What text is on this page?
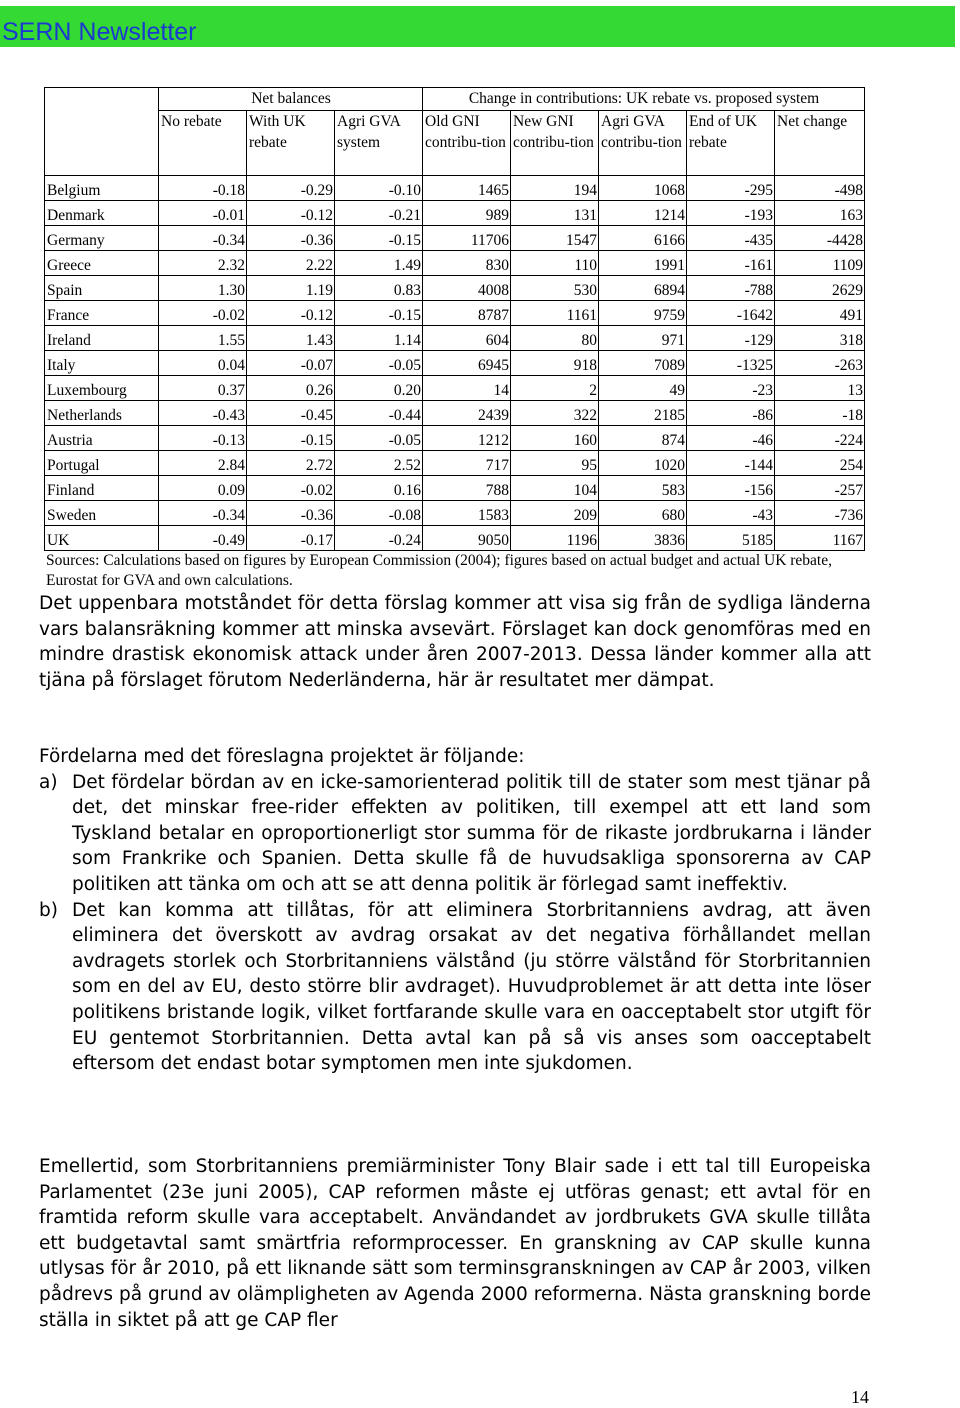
SERN Newsletter
	Net balances			Change in contributions: UK rebate vs. proposed system				
	No rebate	With UK rebate	Agri GVA system	Old GNI contribu-tion	New GNI contribu-tion	Agri GVA contribu-tion	End of UK rebate	Net change
Belgium	-0.18	-0.29	-0.10	1465	194	1068	-295	-498
Denmark	-0.01	-0.12	-0.21	989	131	1214	-193	163
Germany	-0.34	-0.36	-0.15	11706	1547	6166	-435	-4428
Greece	2.32	2.22	1.49	830	110	1991	-161	1109
Spain	1.30	1.19	0.83	4008	530	6894	-788	2629
France	-0.02	-0.12	-0.15	8787	1161	9759	-1642	491
Ireland	1.55	1.43	1.14	604	80	971	-129	318
Italy	0.04	-0.07	-0.05	6945	918	7089	-1325	-263
Luxembourg	0.37	0.26	0.20	14	2	49	-23	13
Netherlands	-0.43	-0.45	-0.44	2439	322	2185	-86	-18
Austria	-0.13	-0.15	-0.05	1212	160	874	-46	-224
Portugal	2.84	2.72	2.52	717	95	1020	-144	254
Finland	0.09	-0.02	0.16	788	104	583	-156	-257
Sweden	-0.34	-0.36	-0.08	1583	209	680	-43	-736
UK	-0.49	-0.17	-0.24	9050	1196	3836	5185	1167
Sources: Calculations based on figures by European Commission (2004); figures based on actual budget and actual UK rebate, Eurostat for GVA and own calculations.

Det uppenbara motståndet för detta förslag kommer att visa sig från de sydliga länderna vars balansräkning kommer att minska avsevärt. Förslaget kan dock genomföras med en mindre drastisk ekonomisk attack under åren 2007-2013. Dessa länder kommer alla att tjäna på förslaget förutom Nederländerna, här är resultatet mer dämpat.

Fördelarna med det föreslagna projektet är följande:

a) Det fördelar bördan av en icke-samorienterad politik till de stater som mest tjänar på det, det minskar free-rider effekten av politiken, till exempel att ett land som Tyskland betalar en oproportionerligt stor summa för de rikaste jordbrukarna i länder som Frankrike och Spanien. Detta skulle få de huvudsakliga sponsorerna av CAP politiken att tänka om och att se att denna politik är förlegad samt ineffektiv.
b) Det kan komma att tillåtas, för att eliminera Storbritanniens avdrag, att även eliminera det överskott av avdrag orsakat av det negativa förhållandet mellan avdragets storlek och Storbritanniens välstånd (ju större välstånd för Storbritannien som en del av EU, desto större blir avdraget). Huvudproblemet är att detta inte löser politikens bristande logik, vilket fortfarande skulle vara en oacceptabelt stor utgift för EU gentemot Storbritannien. Detta avtal kan på så vis anses som oacceptabelt eftersom det endast botar symptomen men inte sjukdomen.

Emellertid, som Storbritanniens premiärminister Tony Blair sade i ett tal till Europeiska Parlamentet (23e juni 2005), CAP reformen måste ej utföras genast; ett avtal för en framtida reform skulle vara acceptabelt. Användandet av jordbrukets GVA skulle tillåta ett budgetavtal samt smärtfria reformprocesser. En granskning av CAP skulle kunna utlysas för år 2010, på ett liknande sätt som terminsgranskningen av CAP år 2003, vilken pådrevs på grund av olämpligheten av Agenda 2000 reformerna. Nästa granskning borde ställa in siktet på att ge CAP fler

14
